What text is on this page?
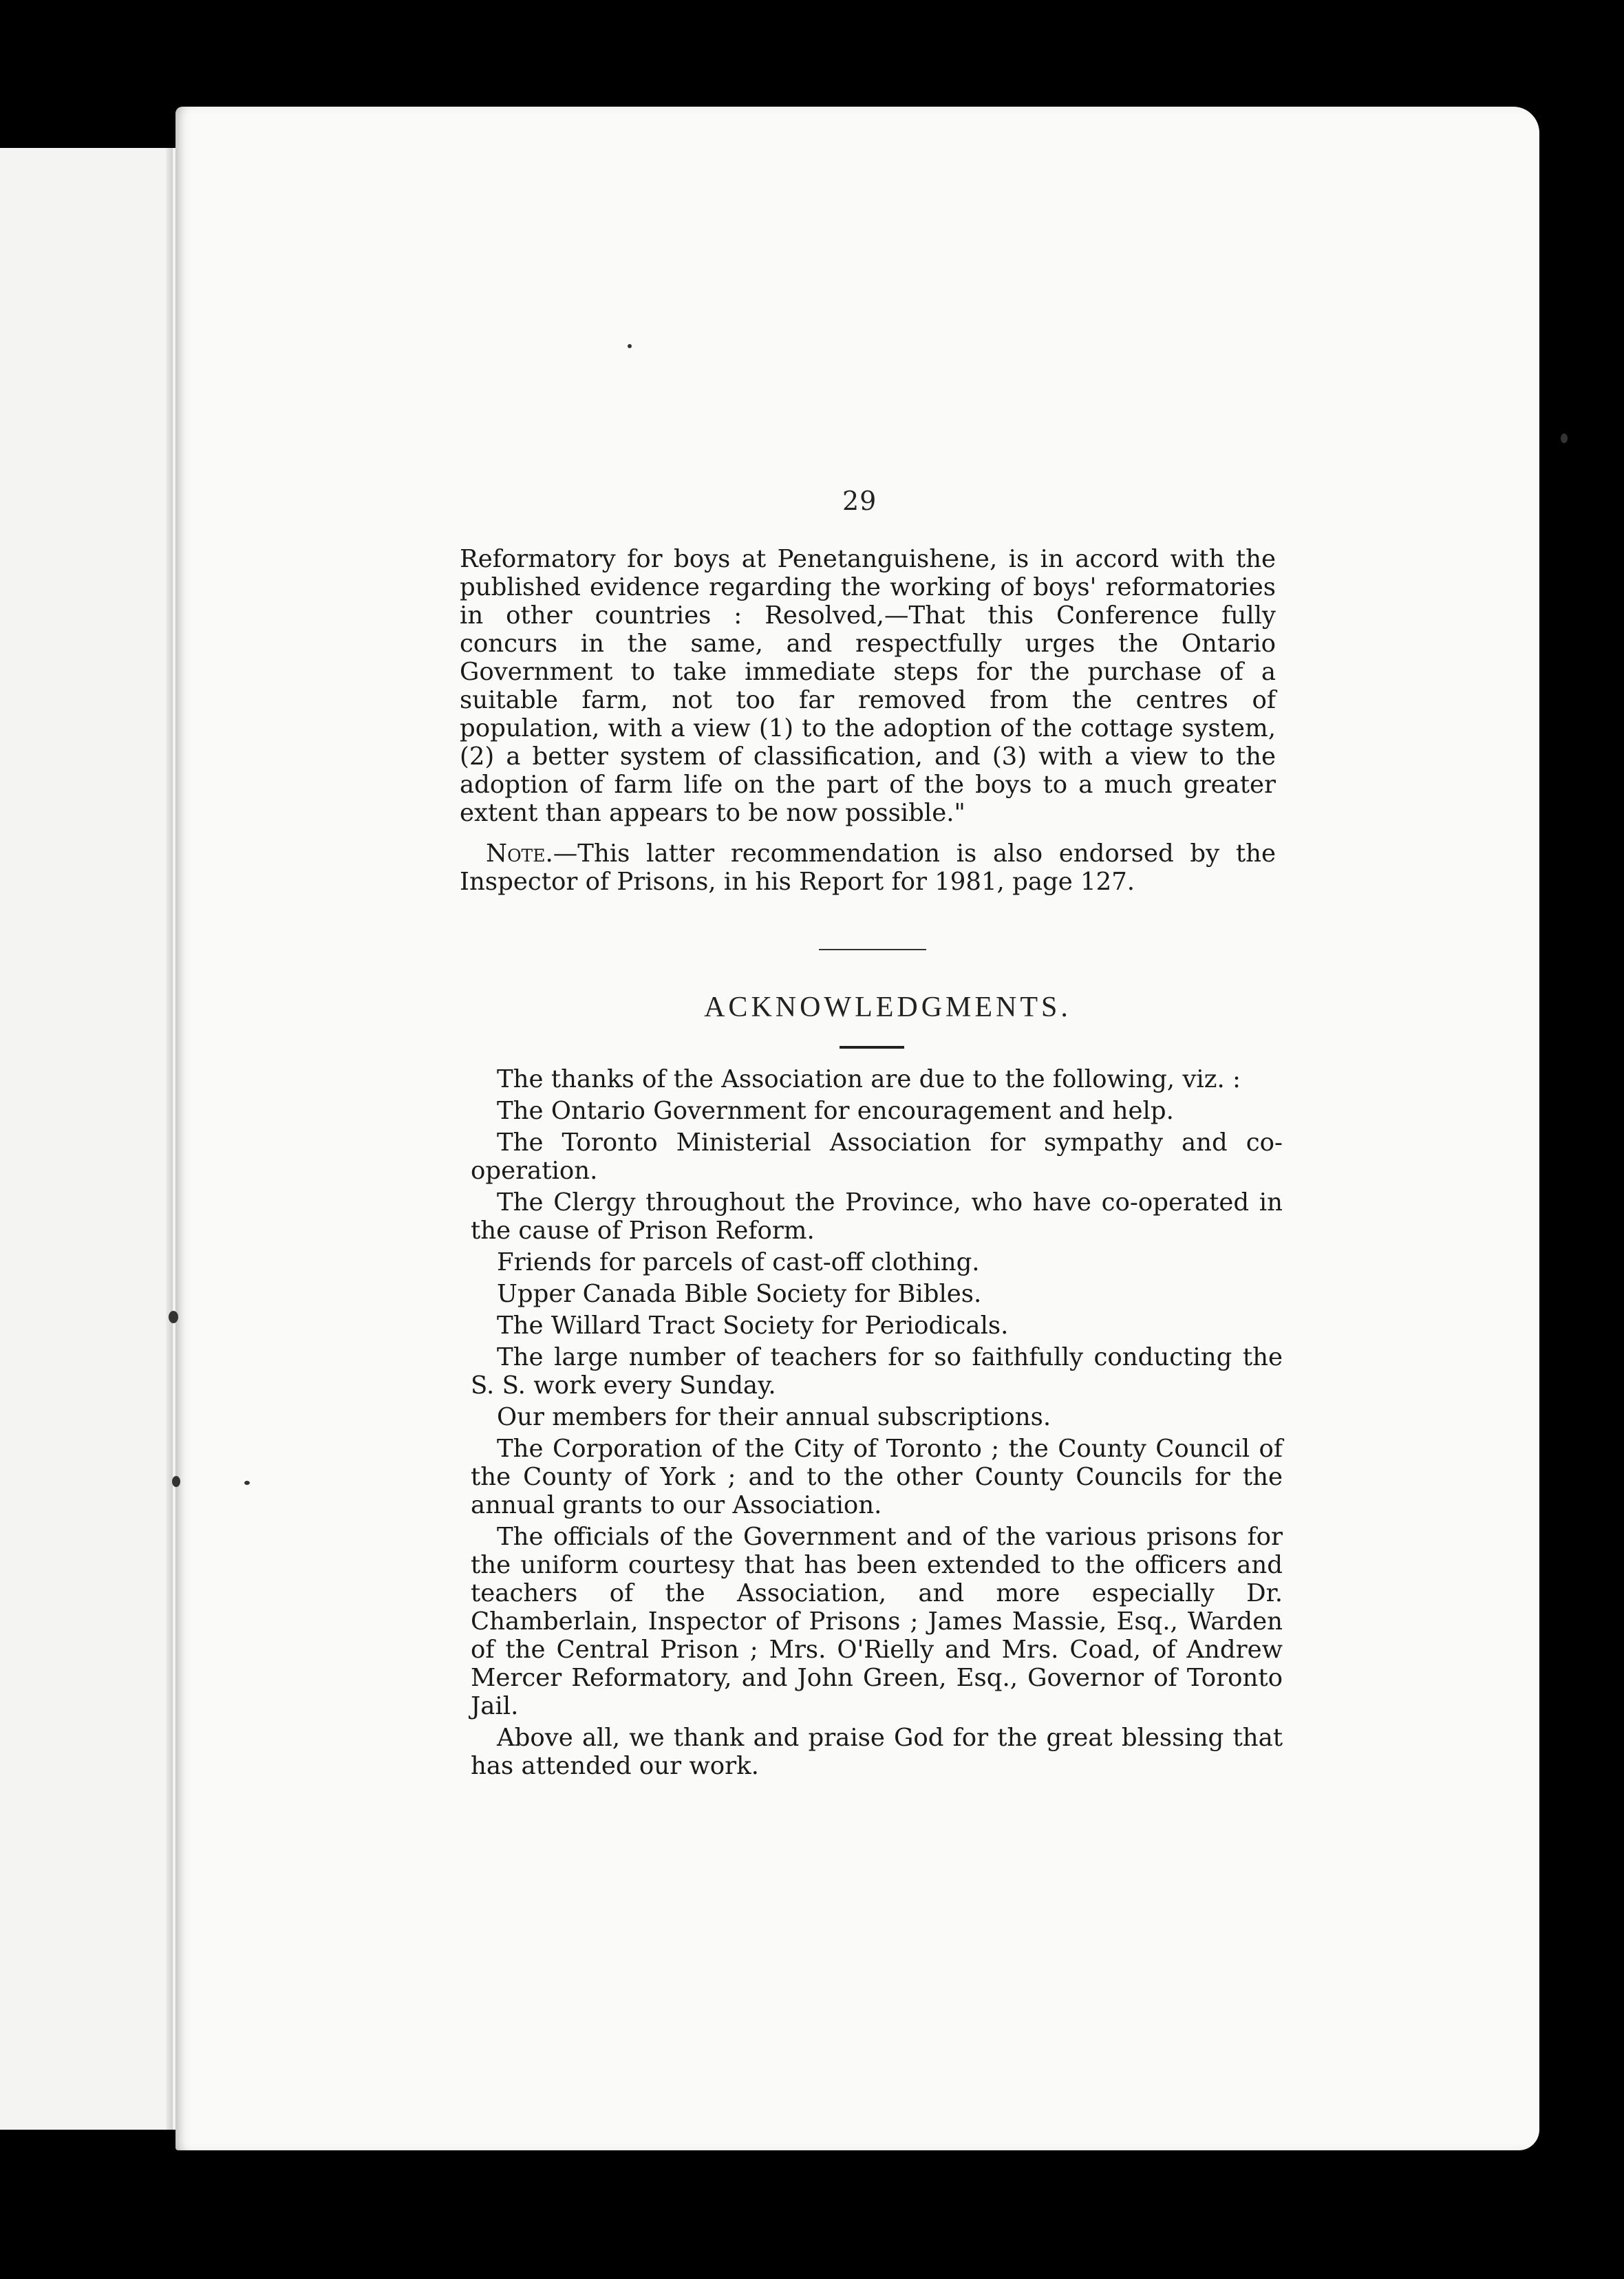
29

Reformatory for boys at Penetanguishene, is in accord with the published evidence regarding the working of boys' reformatories in other countries : Resolved,—That this Conference fully concurs in the same, and respectfully urges the Ontario Government to take immediate steps for the purchase of a suitable farm, not too far removed from the centres of population, with a view (1) to the adoption of the cottage system, (2) a better system of classification, and (3) with a view to the adoption of farm life on the part of the boys to a much greater extent than appears to be now possible."

Note.—This latter recommendation is also endorsed by the Inspector of Prisons, in his Report for 1981, page 127.

ACKNOWLEDGMENTS.

The thanks of the Association are due to the following, viz. :

The Ontario Government for encouragement and help.

The Toronto Ministerial Association for sympathy and co-operation.

The Clergy throughout the Province, who have co-operated in the cause of Prison Reform.

Friends for parcels of cast-off clothing.

Upper Canada Bible Society for Bibles.

The Willard Tract Society for Periodicals.

The large number of teachers for so faithfully conducting the S. S. work every Sunday.

Our members for their annual subscriptions.

The Corporation of the City of Toronto ; the County Council of the County of York ; and to the other County Councils for the annual grants to our Association.

The officials of the Government and of the various prisons for the uniform courtesy that has been extended to the officers and teachers of the Association, and more especially Dr. Chamberlain, Inspector of Prisons ; James Massie, Esq., Warden of the Central Prison ; Mrs. O'Rielly and Mrs. Coad, of Andrew Mercer Reformatory, and John Green, Esq., Governor of Toronto Jail.

Above all, we thank and praise God for the great blessing that has attended our work.
